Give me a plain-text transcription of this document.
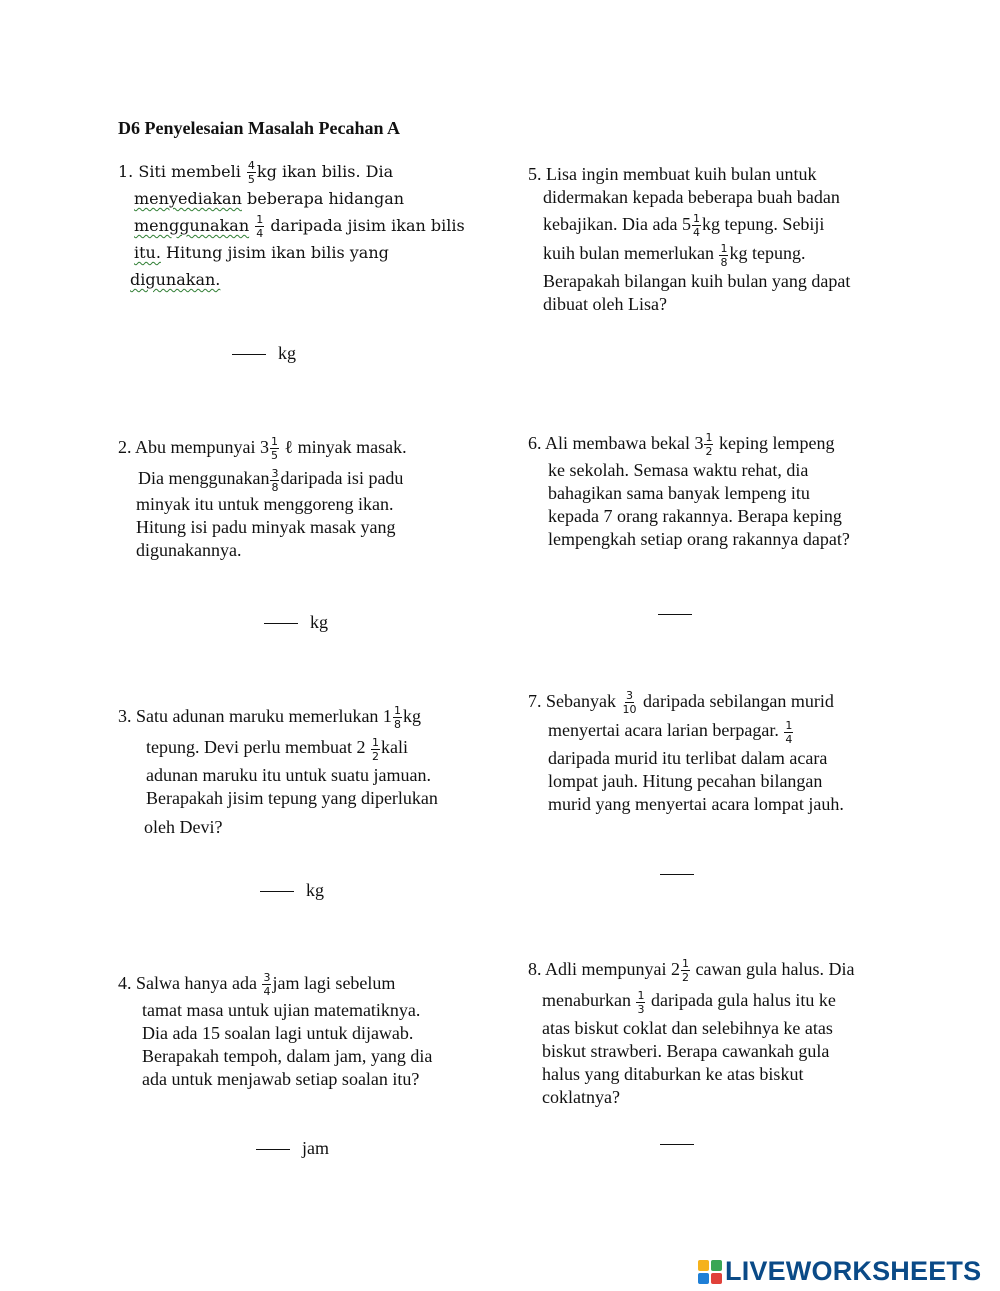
D6 Penyelesaian Masalah Pecahan A
1. Siti membeli $\frac{4}{5}$ kg ikan bilis. Dia
menyediakan beberapa hidangan
menggunakan $\frac{1}{4}$ daripada jisim ikan bilis
itu. Hitung jisim ikan bilis yang
digunakan.
kg
2. Abu mempunyai $3 \frac{1}{5}$ ℓ minyak masak.
Dia menggunakan $\frac{3}{8}$ daripada isi padu
minyak itu untuk menggoreng ikan.
Hitung isi padu minyak masak yang
digunakannya.
kg
3. Satu adunan maruku memerlukan $1 \frac{1}{8}$ kg
tepung. Devi perlu membuat $2 \frac{1}{2}$ kali
adunan maruku itu untuk suatu jamuan.
Berapakah jisim tepung yang diperlukan
oleh Devi?
kg
4. Salwa hanya ada $\frac{3}{4}$ jam lagi sebelum
tamat masa untuk ujian matematiknya.
Dia ada 15 soalan lagi untuk dijawab.
Berapakah tempoh, dalam jam, yang dia
ada untuk menjawab setiap soalan itu?
jam
5. Lisa ingin membuat kuih bulan untuk
didermakan kepada beberapa buah badan
kebajikan. Dia ada $5 \frac{1}{4}$ kg tepung. Sebiji
kuih bulan memerlukan $\frac{1}{8}$ kg tepung.
Berapakah bilangan kuih bulan yang dapat
dibuat oleh Lisa?
6. Ali membawa bekal $3 \frac{1}{2}$ keping lempeng
ke sekolah. Semasa waktu rehat, dia
bahagikan sama banyak lempeng itu
kepada 7 orang rakannya. Berapa keping
lempengkah setiap orang rakannya dapat?
7. Sebanyak $\frac{3}{10}$ daripada sebilangan murid
menyertai acara larian berpagar. $\frac{1}{4}$
daripada murid itu terlibat dalam acara
lompat jauh. Hitung pecahan bilangan
murid yang menyertai acara lompat jauh.
8. Adli mempunyai $2 \frac{1}{2}$ cawan gula halus. Dia
menaburkan $\frac{1}{3}$ daripada gula halus itu ke
atas biskut coklat dan selebihnya ke atas
biskut strawberi. Berapa cawankah gula
halus yang ditaburkan ke atas biskut
coklatnya?
LIVEWORKSHEETS
